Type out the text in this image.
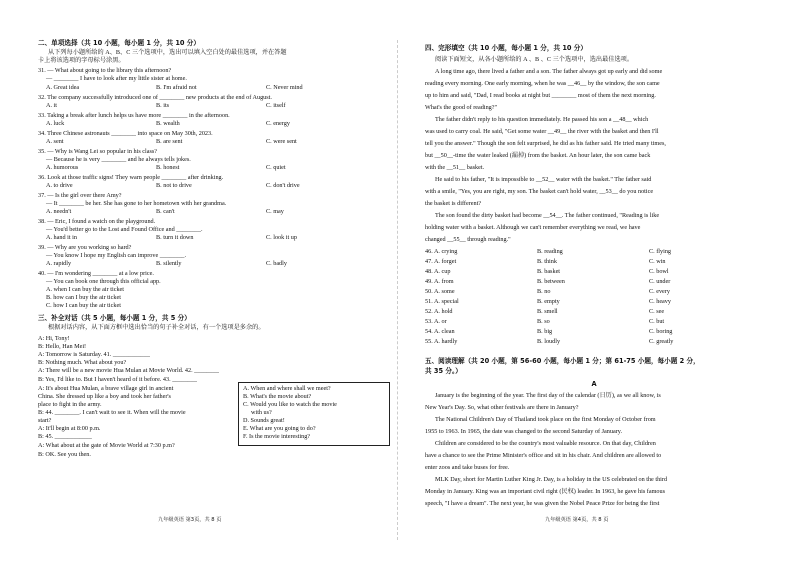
二、单项选择（共 10 小题，每小题 1 分，共 10 分）
从下列每小题所给的 A、B、C 三个选项中，选出可以填入空白处的最佳选项，并在答题
卡上将该选项的字母标号涂黑。
31. — What about going to the library this afternoon?
— ________ I have to look after my little sister at home.
A. Great idea	B. I'm afraid not	C. Never mind
32. The company successfully introduced one of ________ new products at the end of August.
A. it	B. its	C. itself
33. Taking a break after lunch helps us have more ________ in the afternoon.
A. luck	B. wealth	C. energy
34. Three Chinese astronauts ________ into space on May 30th, 2023.
A. sent	B. are sent	C. were sent
35. — Why is Wang Lei so popular in his class?
— Because he is very ________ and he always tells jokes.
A. humorous	B. honest	C. quiet
36. Look at those traffic signs! They warn people ________ after drinking.
A. to drive	B. not to drive	C. don't drive
37. — Is the girl over there Amy?
— It ________ be her. She has gone to her hometown with her grandma.
A. needn't	B. can't	C. may
38. — Eric, I found a watch on the playground.
— You'd better go to the Lost and Found Office and ________.
A. hand it in	B. turn it down	C. look it up
39. — Why are you working so hard?
— You know I hope my English can improve ________.
A. rapidly	B. silently	C. badly
40. — I'm wondering ________ at a low price.
— You can book one through this official app.
A. when I can buy the air ticket
B. how can I buy the air ticket
C. how I can buy the air ticket
三、补全对话（共 5 小题，每小题 1 分，共 5 分）
根据对话内容，从下面方框中选出恰当的句子补全对话，有一个选项是多余的。
A: Hi, Tony!
B: Hello, Han Mei!
A: Tomorrow is Saturday. 41. ____________
B: Nothing much. What about you?
A: There will be a new movie Hua Mulan at Movie World. 42. ________
B: Yes, I'd like to. But I haven't heard of it before. 43. ________
A: It's about Hua Mulan, a brave village girl in ancient
China. She dressed up like a boy and took her father's
place to fight in the army.
B: 44. ________. I can't wait to see it. When will the movie
start?
A: It'll begin at 8:00 p.m.
B: 45. ____________
A: What about at the gate of Movie World at 7:30 p.m?
B: OK. See you then.
A. When and where shall we meet?
B. What's the movie about?
C. Would you like to watch the movie
with us?
D. Sounds great!
E. What are you going to do?
F. Is the movie interesting?
九年级英语 第3页，共 8 页
四、完形填空（共 10 小题，每小题 1 分，共 10 分）
阅读下面短文，从各小题所给的 A 、B 、C 三个选项中，选出最佳选项。
A long time ago, there lived a father and a son. The father always got up early and did some
reading every morning. One early morning, when he was __46__ by the window, the son came
up to him and said, "Dad, I read books at night but ________ most of them the next morning.
What's the good of reading?"
The father didn't reply to his question immediately. He passed his son a __48__ which
was used to carry coal. He said, "Get some water __49__ the river with the basket and then I'll
tell you the answer." Though the son felt surprised, he did as his father said. He tried many times,
but __50__-time the water leaked (漏掉) from the basket. An hour later, the son came back
with the __51__ basket.
He said to his father, "It is impossible to __52__ water with the basket." The father said
with a smile, "Yes, you are right, my son. The basket can't hold water, __53__ do you notice
the basket is different?
The son found the dirty basket had become __54__. The father continued, "Reading is like
holding water with a basket. Although we can't remember everything we read, we have
changed __55__ through reading."
46. A. crying	B. reading	C. flying
47. A. forget	B. think	C. win
48. A. cup	B. basket	C. bowl
49. A. from	B. between	C. under
50. A. some	B. no	C. every
51. A. special	B. empty	C. heavy
52. A. hold	B. smell	C. see
53. A. or	B. so	C. but
54. A. clean	B. big	C. boring
55. A. hardly	B. loudly	C. greatly
五、阅读理解（共 20 小题，第 56-60 小题，每小题 1 分；第 61-75 小题，每小题 2 分，
共 35 分。）
A
January is the beginning of the year. The first day of the calendar (日历), as we all know, is
New Year's Day. So, what other festivals are there in January?
The National Children's Day of Thailand took place on the first Monday of October from
1955 to 1963. In 1965, the date was changed to the second Saturday of January.
Children are considered to be the country's most valuable resource. On that day, Children
have a chance to see the Prime Minister's office and sit in his chair. And children are allowed to
enter zoos and take buses for free.
MLK Day, short for Martin Luther King Jr. Day, is a holiday in the US celebrated on the third
Monday in January. King was an important civil right (民权) leader. In 1963, he gave his famous
speech, "I have a dream". The next year, he was given the Nobel Peace Prize for being the first
九年级英语 第4页，共 8 页
